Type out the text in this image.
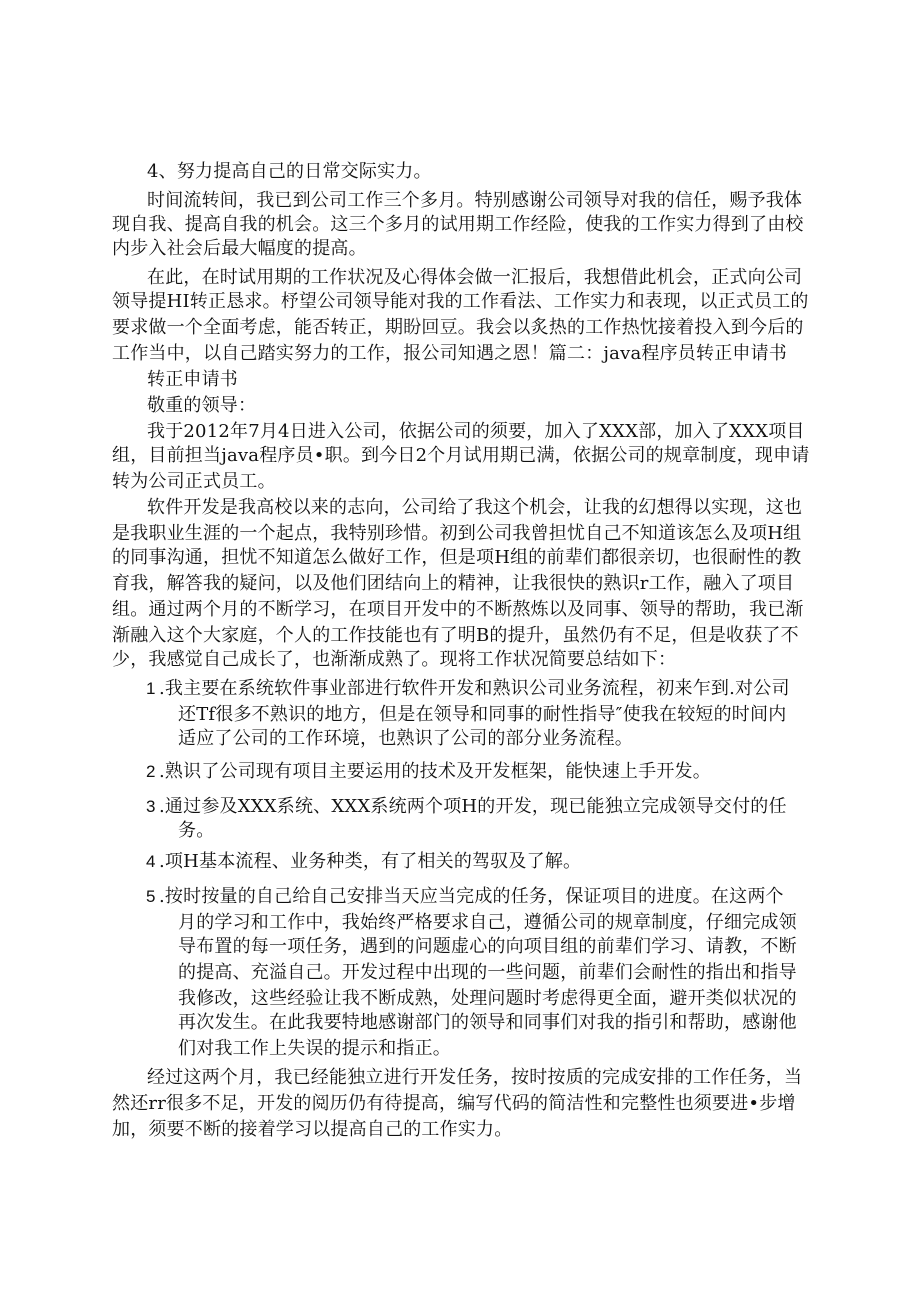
4、努力提高自己的日常交际实力。
时间流转间，我已到公司工作三个多月。特别感谢公司领导对我的信任，赐予我体
现自我、提高自我的机会。这三个多月的试用期工作经险，使我的工作实力得到了由校
内步入社会后最大幅度的提高。
在此，在时试用期的工作状况及心得体会做一汇报后，我想借此机会，正式向公司
领导提HI转正恳求。杼望公司领导能对我的工作看法、工作实力和表现，以正式员工的
要求做一个全面考虑，能否转正，期盼回豆。我会以炙热的工作热忱接着投入到今后的
工作当中，以自己踏实努力的工作，报公司知遇之恩！篇二：java程序员转正申请书
转正申请书
敬重的领导：
我于2012年7月4日进入公司，依据公司的须要，加入了XXX部，加入了XXX项目
组，目前担当java程序员•职。到今日2个月试用期已满，依据公司的规章制度，现申请
转为公司正式员工。
软件开发是我高校以来的志向，公司给了我这个机会，让我的幻想得以实现，这也
是我职业生涯的一个起点，我特别珍惜。初到公司我曾担忧自己不知道该怎么及项H组
的同事沟通，担忧不知道怎么做好工作，但是项H组的前辈们都很亲切，也很耐性的教
育我，解答我的疑问，以及他们团结向上的精神，让我很快的熟识r工作，融入了项目
组。通过两个月的不断学习，在项目开发中的不断熬炼以及同事、领导的帮助，我已渐
渐融入这个大家庭，个人的工作技能也有了明B的提升，虽然仍有不足，但是收获了不
少，我感觉自己成长了，也渐渐成熟了。现将工作状况简要总结如下：
1 .我主要在系统软件事业部进行软件开发和熟识公司业务流程，初来乍到.对公司
还Tf很多不熟识的地方，但是在领导和同事的耐性指导″使我在较短的时间内
适应了公司的工作环境，也熟识了公司的部分业务流程。
2 .熟识了公司现有项目主要运用的技术及开发框架，能快速上手开发。
3 .通过参及XXX系统、XXX系统两个项H的开发，现已能独立完成领导交付的任
务。
4 .项H基本流程、业务种类，有了相关的驾驭及了解。
5 .按时按量的自己给自己安排当天应当完成的任务，保证项目的进度。在这两个
月的学习和工作中，我始终严格要求自己，遵循公司的规章制度，仔细完成领
导布置的每一项任务，遇到的问题虚心的向项目组的前辈们学习、请教，不断
的提高、充溢自己。开发过程中出现的一些问题，前辈们会耐性的指出和指导
我修改，这些经验让我不断成熟，处理问题时考虑得更全面，避开类似状况的
再次发生。在此我要特地感谢部门的领导和同事们对我的指引和帮助，感谢他
们对我工作上失误的提示和指正。
经过这两个月，我已经能独立进行开发任务，按时按质的完成安排的工作任务，当
然还rr很多不足，开发的阅历仍有待提高，编写代码的简洁性和完整性也须要进•步增
加，须要不断的接着学习以提高自己的工作实力。
